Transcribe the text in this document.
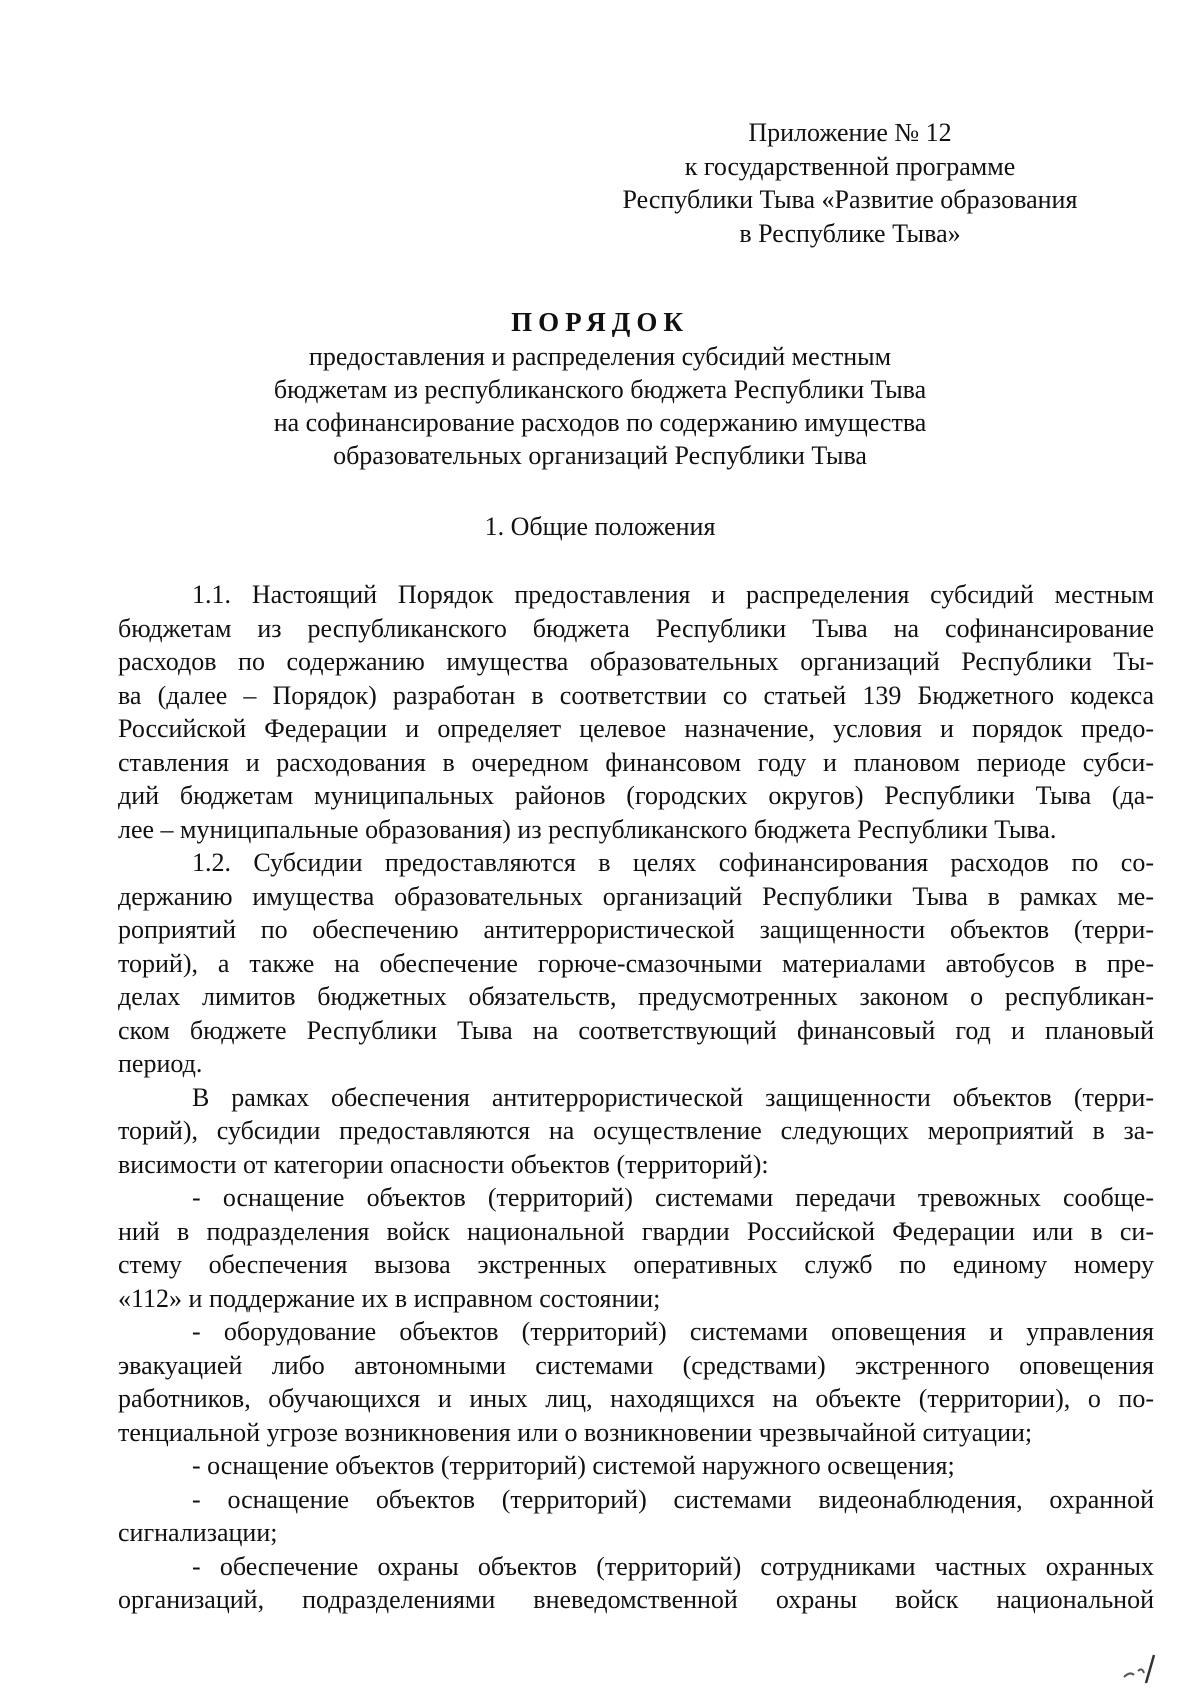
Приложение № 12
к государственной программе
Республики Тыва «Развитие образования
в Республике Тыва»
ПОРЯДОК
предоставления и распределения субсидий местным
бюджетам из республиканского бюджета Республики Тыва
на софинансирование расходов по содержанию имущества
образовательных организаций Республики Тыва
1. Общие положения
1.1. Настоящий Порядок предоставления и распределения субсидий местным
бюджетам из республиканского бюджета Республики Тыва на софинансирование
расходов по содержанию имущества образовательных организаций Республики Ты-
ва (далее – Порядок) разработан в соответствии со статьей 139 Бюджетного кодекса
Российской Федерации и определяет целевое назначение, условия и порядок предо-
ставления и расходования в очередном финансовом году и плановом периоде субси-
дий бюджетам муниципальных районов (городских округов) Республики Тыва (да-
лее – муниципальные образования) из республиканского бюджета Республики Тыва.
1.2. Субсидии предоставляются в целях софинансирования расходов по со-
держанию имущества образовательных организаций Республики Тыва в рамках ме-
роприятий по обеспечению антитеррористической защищенности объектов (терри-
торий), а также на обеспечение горюче-смазочными материалами автобусов в пре-
делах лимитов бюджетных обязательств, предусмотренных законом о республикан-
ском бюджете Республики Тыва на соответствующий финансовый год и плановый
период.
В рамках обеспечения антитеррористической защищенности объектов (терри-
торий), субсидии предоставляются на осуществление следующих мероприятий в за-
висимости от категории опасности объектов (территорий):
- оснащение объектов (территорий) системами передачи тревожных сообще-
ний в подразделения войск национальной гвардии Российской Федерации или в си-
стему обеспечения вызова экстренных оперативных служб по единому номеру
«112» и поддержание их в исправном состоянии;
- оборудование объектов (территорий) системами оповещения и управления
эвакуацией либо автономными системами (средствами) экстренного оповещения
работников, обучающихся и иных лиц, находящихся на объекте (территории), о по-
тенциальной угрозе возникновения или о возникновении чрезвычайной ситуации;
- оснащение объектов (территорий) системой наружного освещения;
- оснащение объектов (территорий) системами видеонаблюдения, охранной
сигнализации;
- обеспечение охраны объектов (территорий) сотрудниками частных охранных
организаций, подразделениями вневедомственной охраны войск национальной
